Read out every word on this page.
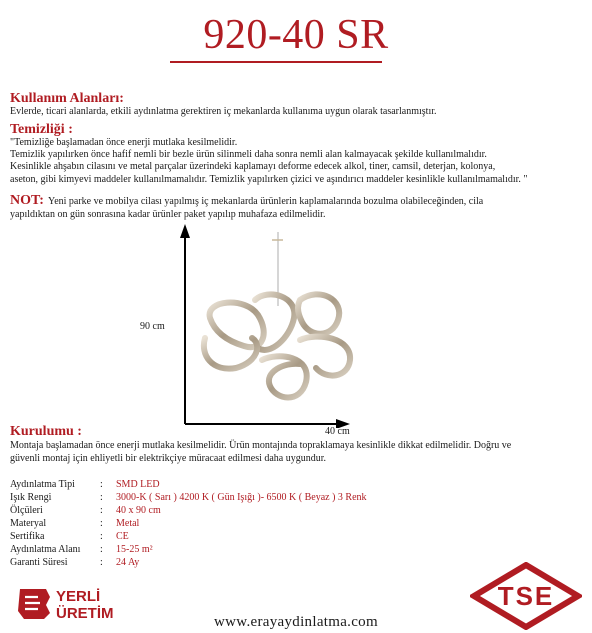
920-40 SR
Kullanım Alanları:
Evlerde, ticari alanlarda, etkili aydınlatma gerektiren iç mekanlarda kullanıma uygun olarak tasarlanmıştır.
Temizliği :
"Temizliğe başlamadan önce enerji mutlaka kesilmelidir.
Temizlik yapılırken önce hafif nemli bir bezle ürün silinmeli daha sonra nemli alan kalmayacak şekilde kullanılmalıdır.
Kesinlikle ahşabın cilasını ve metal parçalar üzerindeki kaplamayı deforme edecek alkol, tiner, camsil, deterjan, kolonya,
aseton, gibi kimyevi maddeler kullanılmamalıdır. Temizlik yapılırken çizici ve aşındırıcı maddeler kesinlikle kullanılmamalıdır. "
NOT: Yeni parke ve mobilya cilası yapılmış iç mekanlarda ürünlerin kaplamalarında bozulma olabileceğinden, cila
yapıldıktan on gün sonrasına kadar ürünler paket yapılıp muhafaza edilmelidir.
90 cm
40 cm
Kurulumu :
Montaja başlamadan önce enerji mutlaka kesilmelidir. Ürün montajında topraklamaya kesinlikle dikkat edilmelidir. Doğru ve
güvenli montaj için ehliyetli bir elektrikçiye müracaat edilmesi daha uygundur.
Aydınlatma Tipi	: SMD LED
Işık Rengi	: 3000-K ( Sarı ) 4200 K ( Gün Işığı )- 6500 K ( Beyaz ) 3 Renk
Ölçüleri	: 40 x 90 cm
Materyal	: Metal
Sertifika	: CE
Aydınlatma Alanı	: 15-25 m²
Garanti Süresi	: 24 Ay
YERLİ
ÜRETİM
TSE
www.erayaydinlatma.com
